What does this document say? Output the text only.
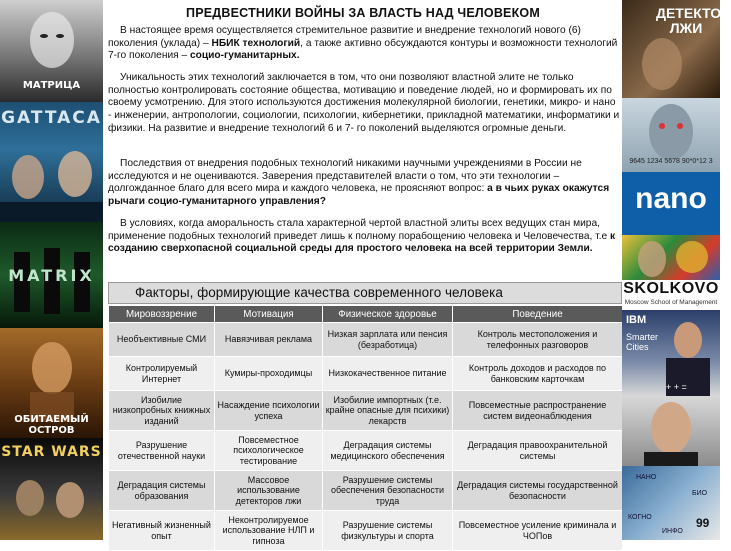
МАТРИЦА
GATTACA
MATRIX
ОБИТАЕМЫЙ ОСТРОВ
STAR WARS
ПРЕДВЕСТНИКИ ВОЙНЫ ЗА ВЛАСТЬ НАД ЧЕЛОВЕКОМ
В настоящее время осуществляется стремительное развитие и внедрение технологий нового (6) поколения (уклада) – НБИК технологий, а также активно обсуждаются контуры и возможности технологий 7-го поколения – социо-гуманитарных.
Уникальность этих технологий заключается в том, что они позволяют властной элите не только полностью контролировать состояние общества, мотивацию и поведение людей, но и формировать их по своему усмотрению. Для этого используются достижения молекулярной биологии, генетики, микро- и нано - инженерии, антропологии, социологии, психологии, кибернетики, прикладной математики, информатики и физики. На развитие и внедрение технологий 6 и 7- го поколений выделяются огромные деньги.
Последствия от внедрения подобных технологий никакими научными учреждениями в России не исследуются и не оцениваются. Заверения представителей власти о том, что эти технологии – долгожданное благо для всего мира и каждого человека, не проясняют вопрос: а в чьих руках окажутся рычаги социо-гуманитарного управления?
В условиях, когда аморальность стала характерной чертой властной элиты всех ведущих стан мира, применение подобных технологий приведет лишь к полному порабощению человека и Человечества, т.е к созданию сверхопасной социальной среды для простого человека на всей территории Земли.
Факторы, формирующие качества современного человека
Мировоззрение	Мотивация	Физическое здоровье	Поведение
Необъективные СМИ	Навязчивая реклама	Низкая зарплата или пенсия (безработица)	Контроль местоположения и телефонных разговоров
Контролируемый Интернет	Кумиры-проходимцы	Низкокачественное питание	Контроль доходов и расходов по банковским карточкам
Изобилие низкопробных книжных изданий	Насаждение психологии успеха	Изобилие импортных (т.е. крайне опасные для психики) лекарств	Повсеместные распространение систем видеонаблюдения
Разрушение отечественной науки	Повсеместное психологическое тестирование	Деградация системы медицинского обеспечения	Деградация правоохранительной системы
Деградация системы образования	Массовое использование детекторов лжи	Разрушение системы обеспечения безопасности труда	Деградация системы государственной безопасности
Негативный жизненный опыт	Неконтролируемое использование НЛП и гипноза	Разрушение системы физкультуры и спорта	Повсеместное усиление криминала и ЧОПов
ДЕТЕКТОР ЛЖИ
9645 1234 5678 90*0*12 3
nano
SKOLKOVO
Moscow School of Management
IBM
Smarter Cities
+ + =
НАНО
БИО
КОГНО
ИНФО
99
